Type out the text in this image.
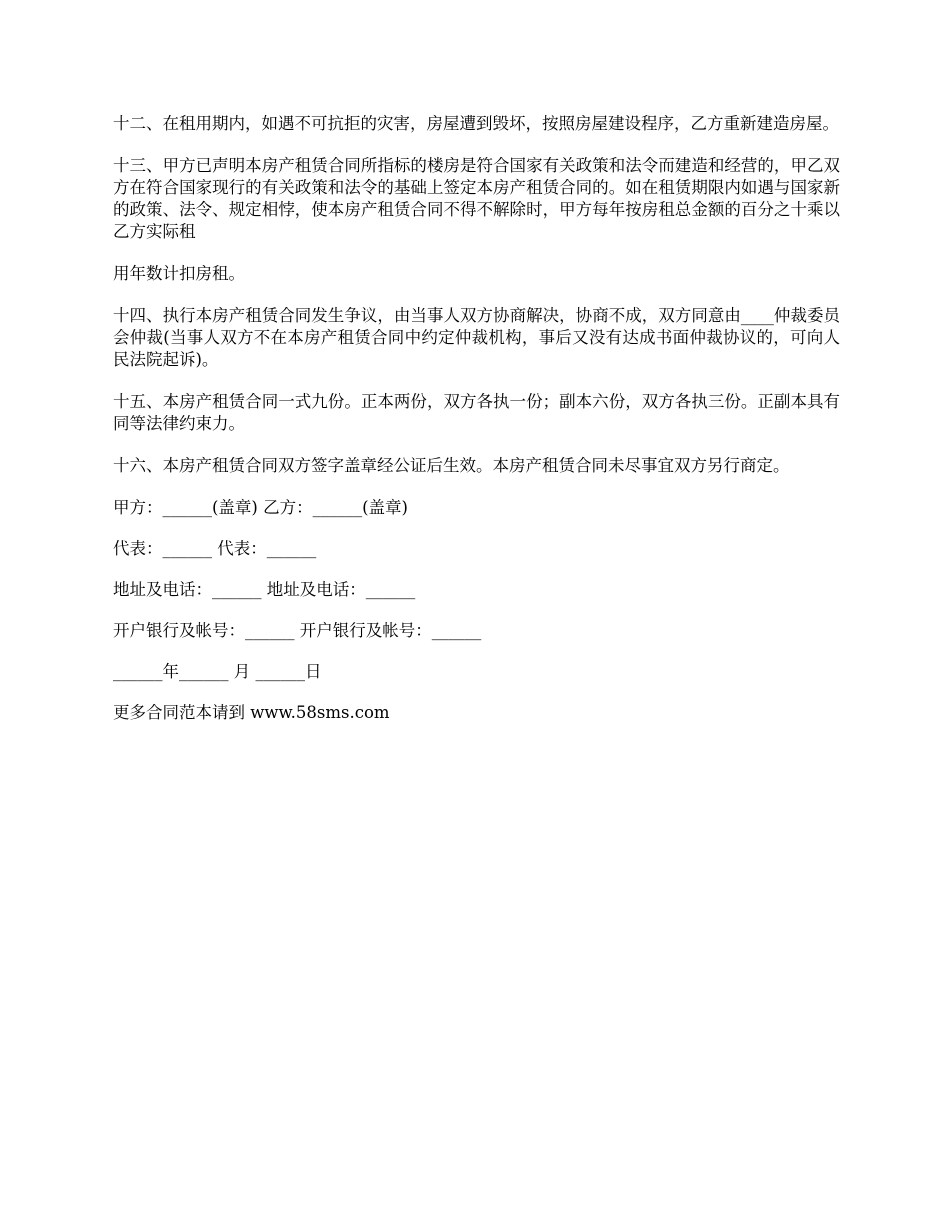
十二、在租用期内，如遇不可抗拒的灾害，房屋遭到毁坏，按照房屋建设程序，乙方重新建造房屋。

十三、甲方已声明本房产租赁合同所指标的楼房是符合国家有关政策和法令而建造和经营的，甲乙双方在符合国家现行的有关政策和法令的基础上签定本房产租赁合同的。如在租赁期限内如遇与国家新的政策、法令、规定相悖，使本房产租赁合同不得不解除时，甲方每年按房租总金额的百分之十乘以乙方实际租

用年数计扣房租。

十四、执行本房产租赁合同发生争议，由当事人双方协商解决，协商不成，双方同意由____仲裁委员会仲裁(当事人双方不在本房产租赁合同中约定仲裁机构，事后又没有达成书面仲裁协议的，可向人民法院起诉)。

十五、本房产租赁合同一式九份。正本两份，双方各执一份；副本六份，双方各执三份。正副本具有同等法律约束力。

十六、本房产租赁合同双方签字盖章经公证后生效。本房产租赁合同未尽事宜双方另行商定。

甲方：______(盖章) 乙方：______(盖章)

代表：______ 代表：______

地址及电话：______ 地址及电话：______

开户银行及帐号：______ 开户银行及帐号：______

______年______ 月 ______日

更多合同范本请到 www.58sms.com
